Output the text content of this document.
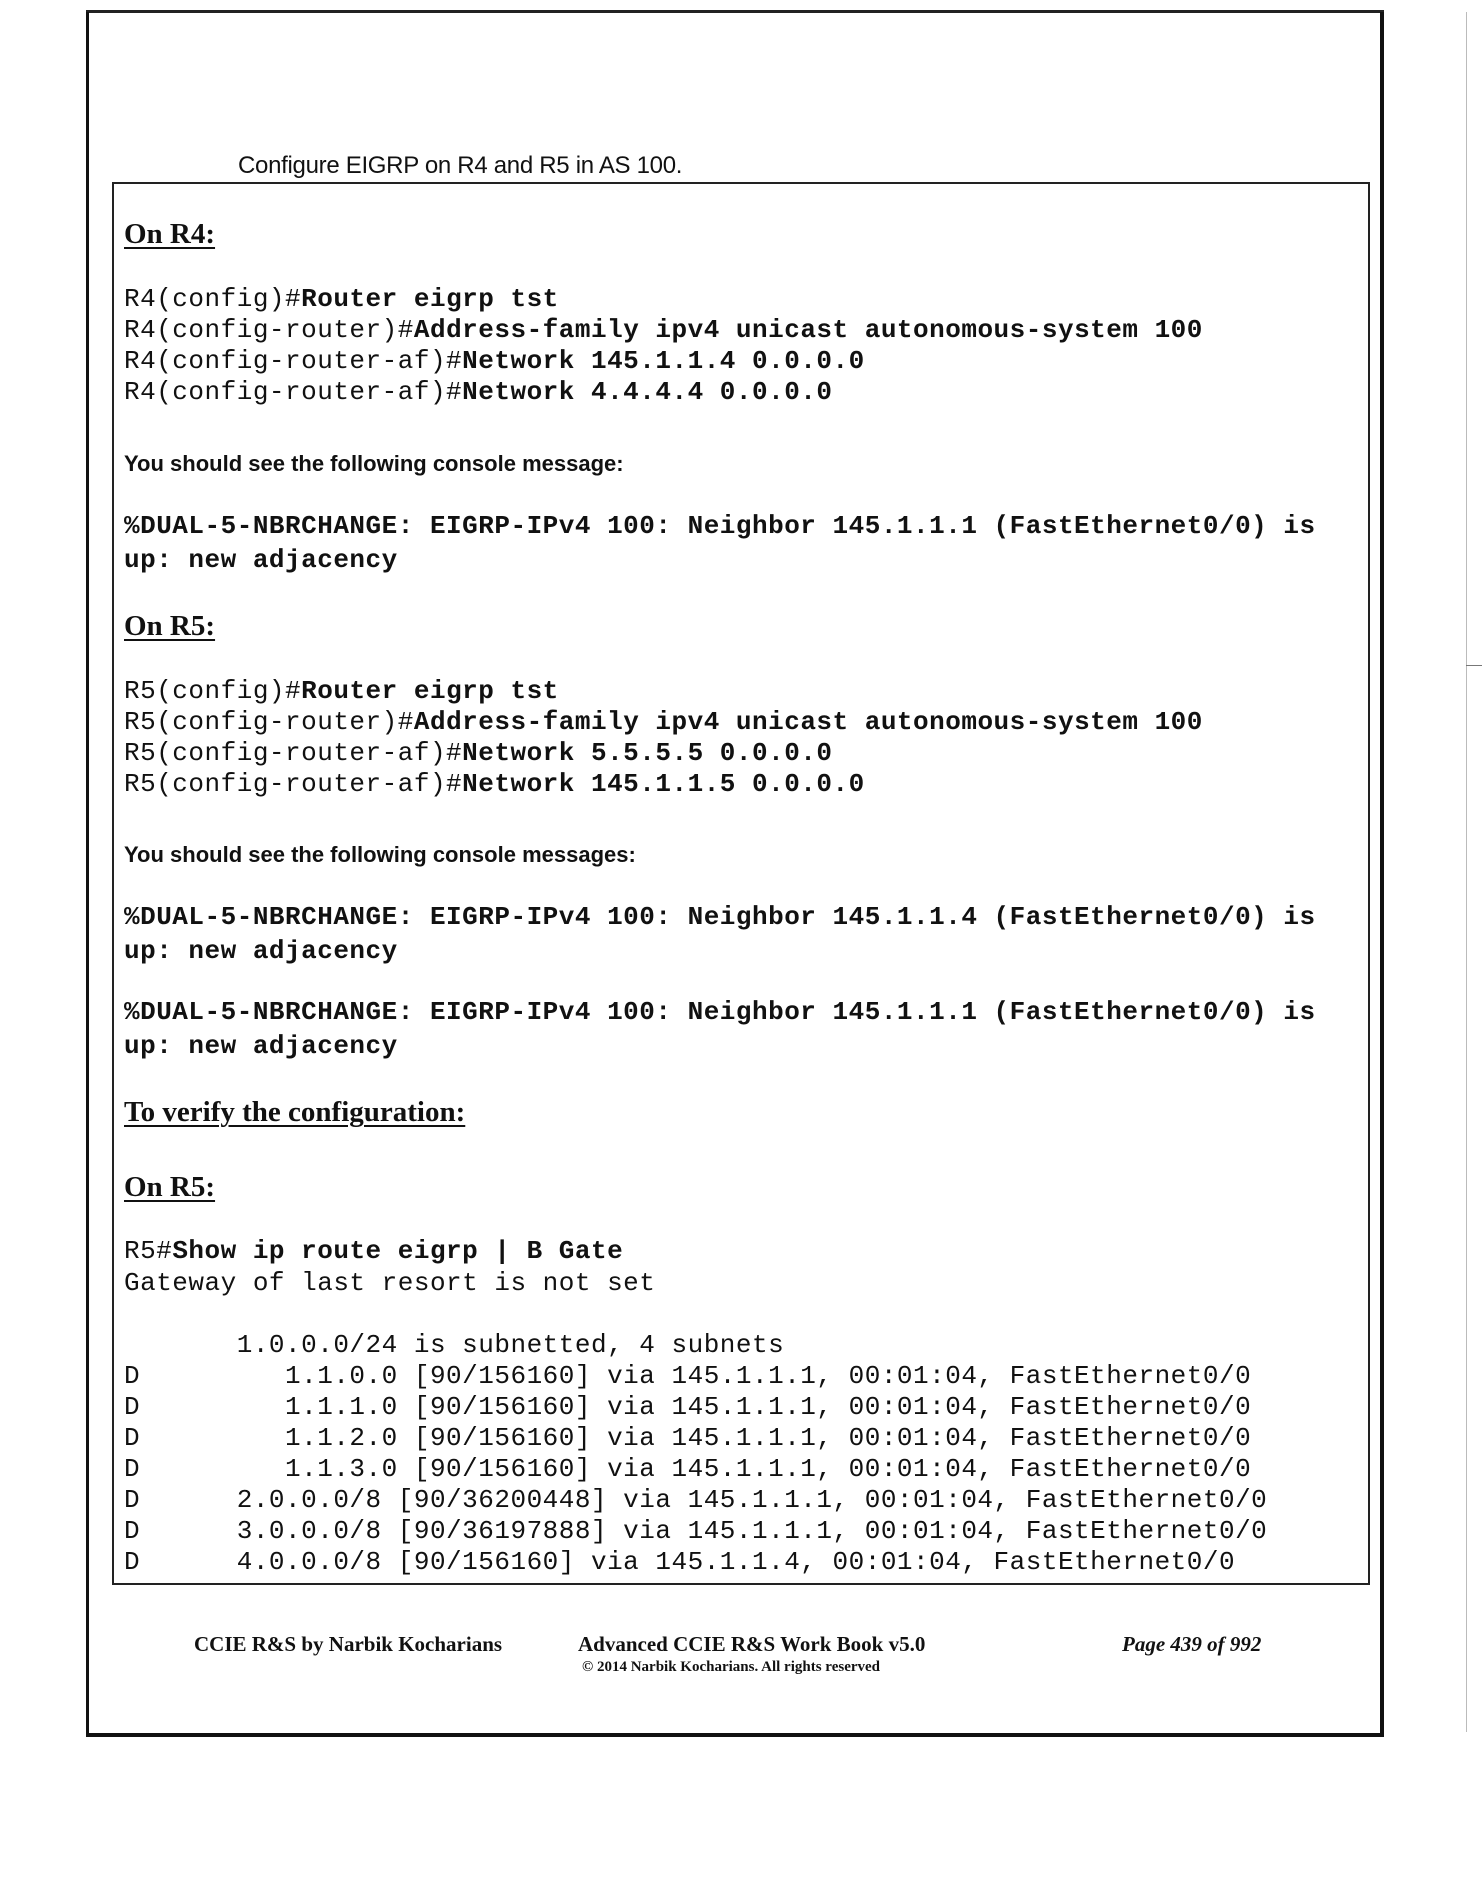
Configure EIGRP on R4 and R5 in AS 100.
On R4:
R4(config)#Router eigrp tst
R4(config-router)#Address-family ipv4 unicast autonomous-system 100
R4(config-router-af)#Network 145.1.1.4 0.0.0.0
R4(config-router-af)#Network 4.4.4.4 0.0.0.0
You should see the following console message:
%DUAL-5-NBRCHANGE: EIGRP-IPv4 100: Neighbor 145.1.1.1 (FastEthernet0/0) is
up: new adjacency
On R5:
R5(config)#Router eigrp tst
R5(config-router)#Address-family ipv4 unicast autonomous-system 100
R5(config-router-af)#Network 5.5.5.5 0.0.0.0
R5(config-router-af)#Network 145.1.1.5 0.0.0.0
You should see the following console messages:
%DUAL-5-NBRCHANGE: EIGRP-IPv4 100: Neighbor 145.1.1.4 (FastEthernet0/0) is
up: new adjacency
%DUAL-5-NBRCHANGE: EIGRP-IPv4 100: Neighbor 145.1.1.1 (FastEthernet0/0) is
up: new adjacency
To verify the configuration:
On R5:
R5#Show ip route eigrp | B Gate
Gateway of last resort is not set
1.0.0.0/24 is subnetted, 4 subnets
D         1.1.0.0 [90/156160] via 145.1.1.1, 00:01:04, FastEthernet0/0
D         1.1.1.0 [90/156160] via 145.1.1.1, 00:01:04, FastEthernet0/0
D         1.1.2.0 [90/156160] via 145.1.1.1, 00:01:04, FastEthernet0/0
D         1.1.3.0 [90/156160] via 145.1.1.1, 00:01:04, FastEthernet0/0
D      2.0.0.0/8 [90/36200448] via 145.1.1.1, 00:01:04, FastEthernet0/0
D      3.0.0.0/8 [90/36197888] via 145.1.1.1, 00:01:04, FastEthernet0/0
D      4.0.0.0/8 [90/156160] via 145.1.1.4, 00:01:04, FastEthernet0/0
CCIE R&S by Narbik Kocharians	Advanced CCIE R&S Work Book v5.0
© 2014 Narbik Kocharians. All rights reserved
Page 439 of 992
